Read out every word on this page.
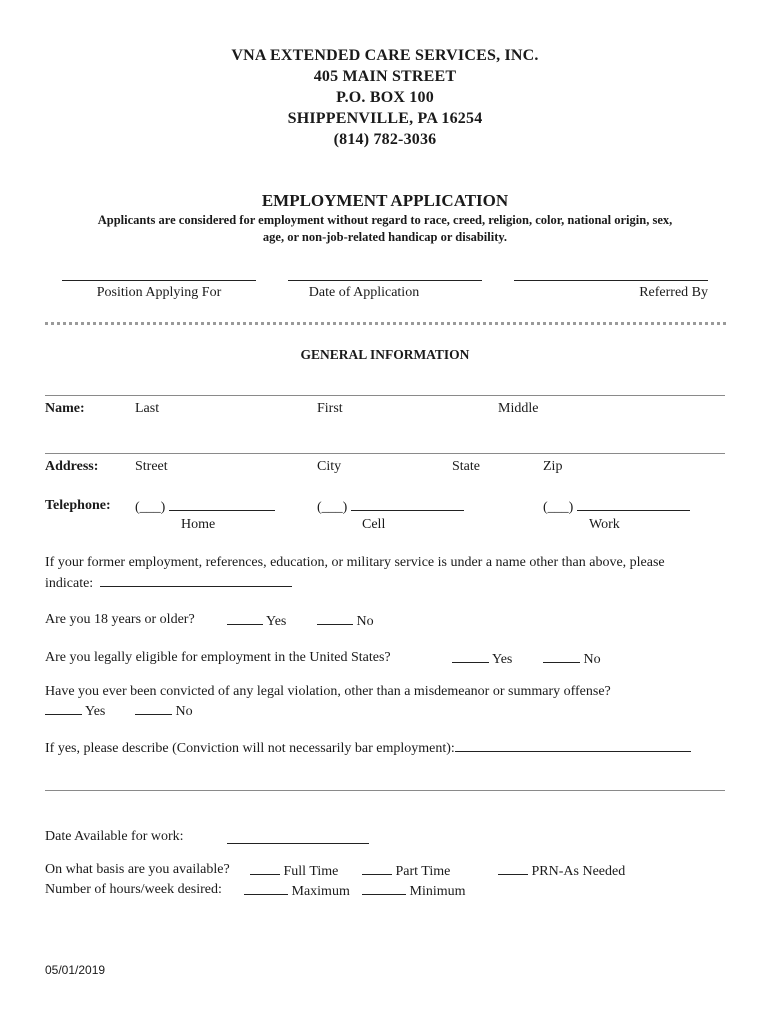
VNA EXTENDED CARE SERVICES, INC.
405 MAIN STREET
P.O. BOX 100
SHIPPENVILLE, PA 16254
(814) 782-3036
EMPLOYMENT APPLICATION
Applicants are considered for employment without regard to race, creed, religion, color, national origin, sex,
age, or non-job-related handicap or disability.
Position Applying For	Date of Application	Referred By
GENERAL INFORMATION
Name:	Last	First	Middle
Address:	Street	City	State	Zip
Telephone: (___)	(___)	(___)
Home	Cell	Work
If your former employment, references, education, or military service is under a name other than above, please
indicate:
Are you 18 years or older?	Yes	No
Are you legally eligible for employment in the United States?	Yes	No
Have you ever been convicted of any legal violation, other than a misdemeanor or summary offense?
Yes	No
If yes, please describe (Conviction will not necessarily bar employment):
Date Available for work:
On what basis are you available?	Full Time	Part Time	PRN-As Needed
Number of hours/week desired:	Maximum	Minimum
05/01/2019
